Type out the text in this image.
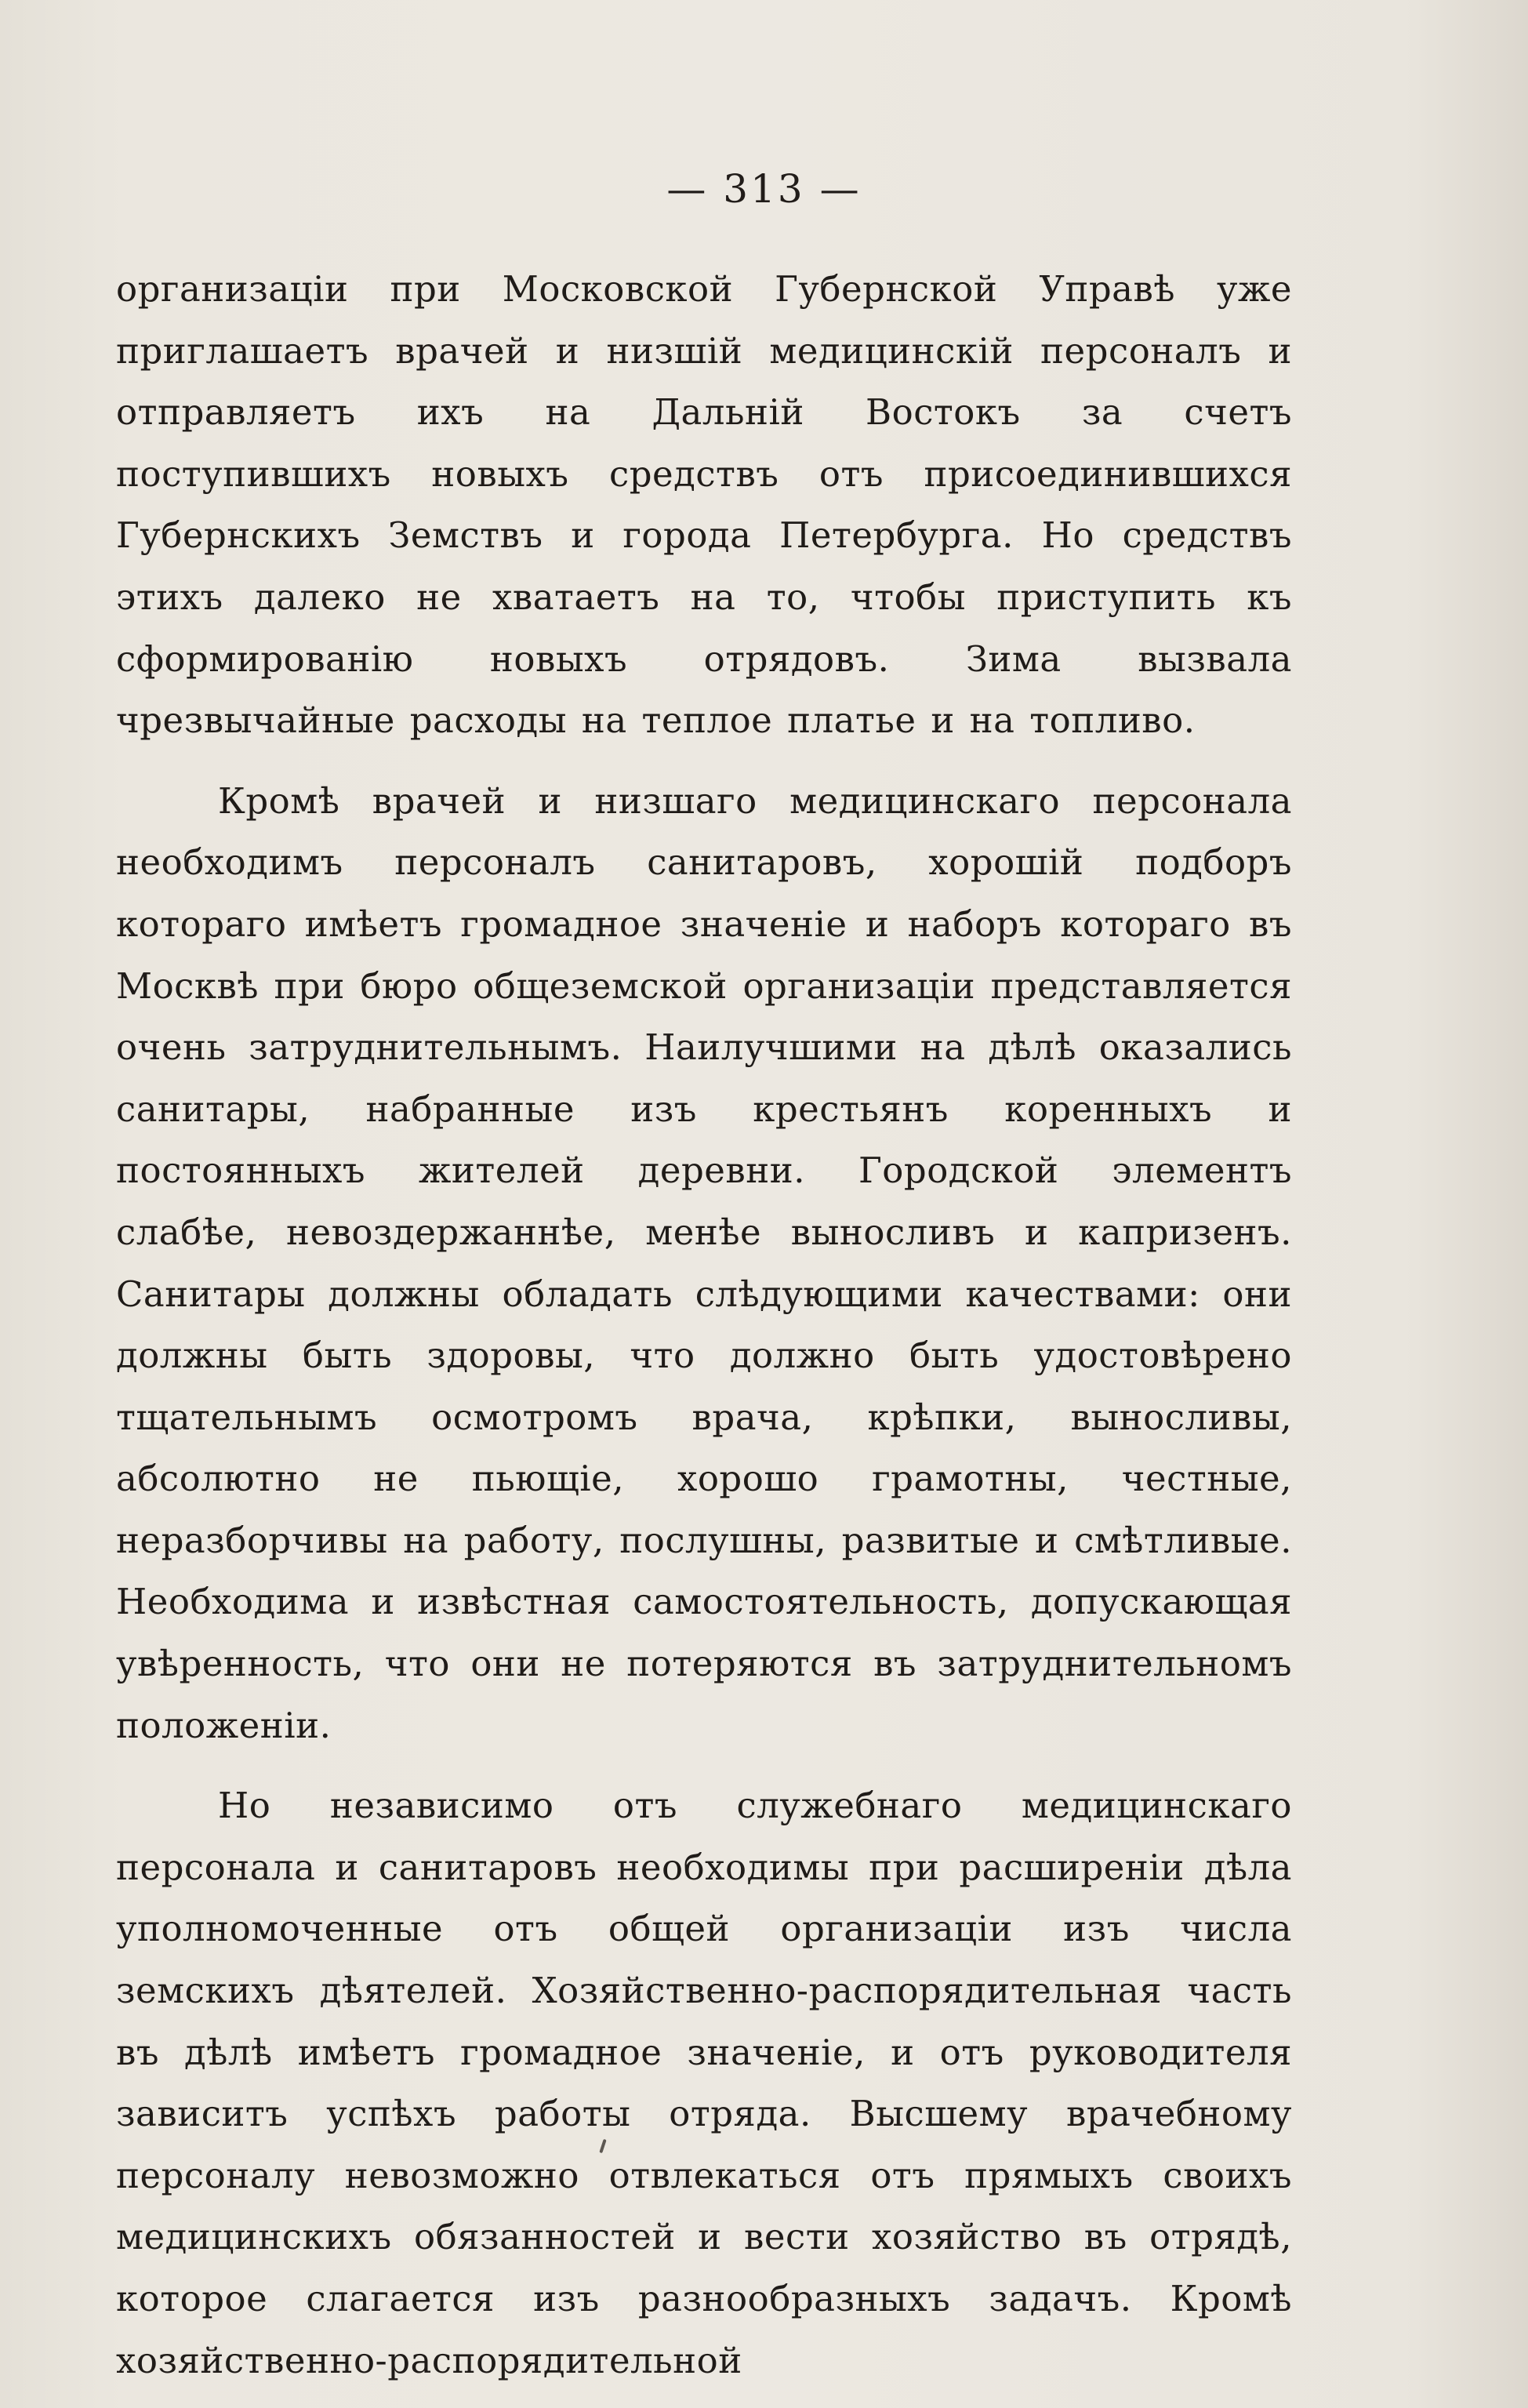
— 313 —

организаціи при Московской Губернской Управѣ уже приглашаетъ врачей и низшій медицинскій персоналъ и отправляетъ ихъ на Дальній Востокъ за счетъ поступившихъ новыхъ средствъ отъ присоединившихся Губернскихъ Земствъ и города Петербурга. Но средствъ этихъ далеко не хватаетъ на то, чтобы приступить къ сформированію новыхъ отрядовъ. Зима вызвала чрезвычайные расходы на теплое платье и на топливо.

Кромѣ врачей и низшаго медицинскаго персонала необходимъ персоналъ санитаровъ, хорошій подборъ котораго имѣетъ громадное значеніе и наборъ котораго въ Москвѣ при бюро общеземской организаціи представляется очень затруднительнымъ. Наилучшими на дѣлѣ оказались санитары, набранные изъ крестьянъ коренныхъ и постоянныхъ жителей деревни. Городской элементъ слабѣе, невоздержаннѣе, менѣе выносливъ и капризенъ. Санитары должны обладать слѣдующими качествами: они должны быть здоровы, что должно быть удостовѣрено тщательнымъ осмотромъ врача, крѣпки, выносливы, абсолютно не пьющіе, хорошо грамотны, честные, неразборчивы на работу, послушны, развитые и смѣтливые. Необходима и извѣстная самостоятельность, допускающая увѣренность, что они не потеряются въ затруднительномъ положеніи.

Но независимо отъ служебнаго медицинскаго персонала и санитаровъ необходимы при расширеніи дѣла уполномоченные отъ общей организаціи изъ числа земскихъ дѣятелей. Хозяйственно-распорядительная часть въ дѣлѣ имѣетъ громадное значеніе, и отъ руководителя зависитъ успѣхъ работы отряда. Высшему врачебному персоналу невозможно отвлекаться отъ прямыхъ своихъ медицинскихъ обязанностей и вести хозяйство въ отрядѣ, которое слагается изъ разнообразныхъ задачъ. Кромѣ хозяйственно-распорядительной
